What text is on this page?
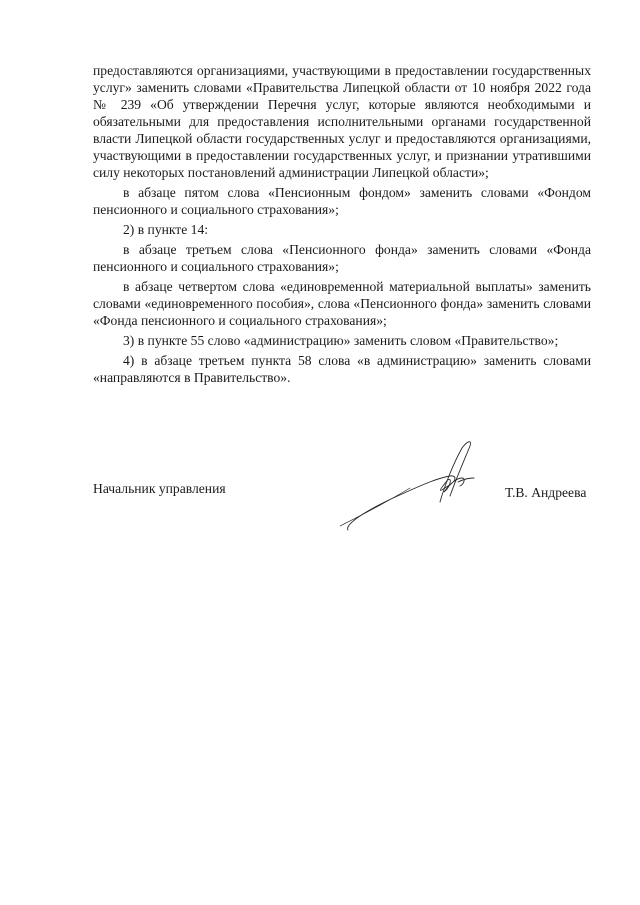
предоставляются организациями, участвующими в предоставлении государственных услуг» заменить словами «Правительства Липецкой области от 10 ноября 2022 года № 239 «Об утверждении Перечня услуг, которые являются необходимыми и обязательными для предоставления исполнительными органами государственной власти Липецкой области государственных услуг и предоставляются организациями, участвующими в предоставлении государственных услуг, и признании утратившими силу некоторых постановлений администрации Липецкой области»;

в абзаце пятом слова «Пенсионным фондом» заменить словами «Фондом пенсионного и социального страхования»;

2) в пункте 14:

в абзаце третьем слова «Пенсионного фонда» заменить словами «Фонда пенсионного и социального страхования»;

в абзаце четвертом слова «единовременной материальной выплаты» заменить словами «единовременного пособия», слова «Пенсионного фонда» заменить словами «Фонда пенсионного и социального страхования»;

3) в пункте 55 слово «администрацию» заменить словом «Правительство»;

4) в абзаце третьем пункта 58 слова «в администрацию» заменить словами «направляются в Правительство».

Начальник управления	Т.В. Андреева
